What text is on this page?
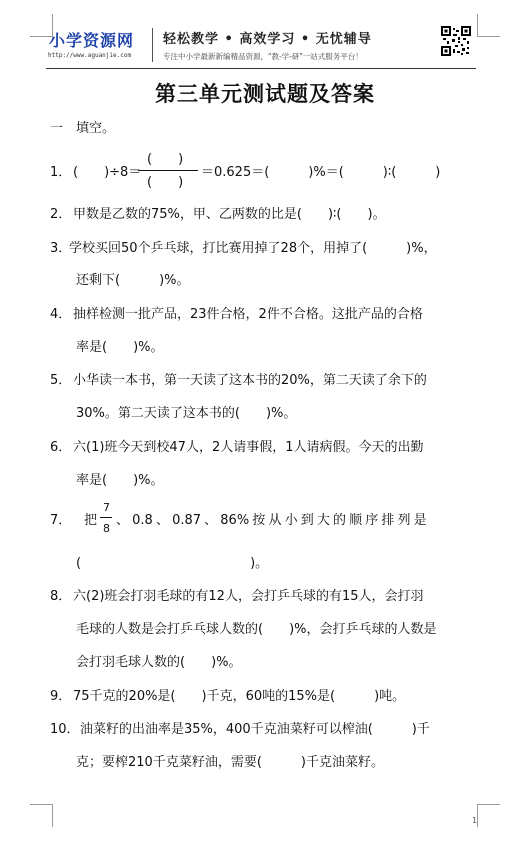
小学资源网
http://www.aguanjie.com
轻松教学 • 高效学习 • 无忧辅导
专注中小学最新新编精品资源，"教-学-研"一站式服务平台！
第三单元测试题及答案
一　填空。
1． (　　)÷8＝
(　　)
(　　)
＝0.625＝(　　　)%＝(　　　)∶(　　　)
2． 甲数是乙数的75%，甲、乙两数的比是(　　)∶(　　)。
3．
学校买回50个乒乓球，打比赛用掉了28个，用掉了(　　　)%，
还剩下(　　　)%。
4． 抽样检测一批产品，23件合格，2件不合格。这批产品的合格
率是(　　)%。
5． 小华读一本书，第一天读了这本书的20%，第二天读了余下的
30%。第二天读了这本书的(　　)%。
6． 六(1)班今天到校47人，2人请事假，1人请病假。今天的出勤
率是(　　)%。
7． 把
7
8
、 0.8 、 0.87 、 86% 按 从 小 到 大 的 顺 序 排 列 是
(　　　　　　　　　　　　　)。
8． 六(2)班会打羽毛球的有12人，会打乒乓球的有15人，会打羽
毛球的人数是会打乒乓球人数的(　　)%，会打乒乓球的人数是
会打羽毛球人数的(　　)%。
9． 75千克的20%是(　　)千克，60吨的15%是(　　　)吨。
10． 油菜籽的出油率是35%，400千克油菜籽可以榨油(　　　)千
克；要榨210千克菜籽油，需要(　　　)千克油菜籽。
1
